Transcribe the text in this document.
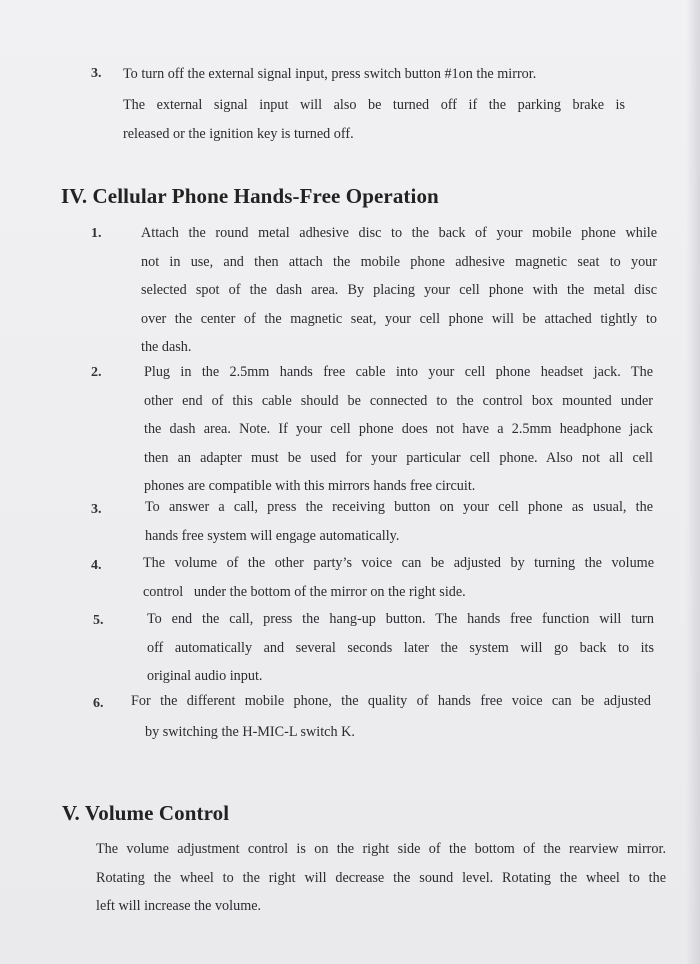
3. To turn off the external signal input, press switch button #1on the mirror.
The external signal input will also be turned off if the parking brake is
released or the ignition key is turned off.
IV. Cellular Phone Hands-Free Operation
1.	Attach the round metal adhesive disc to the back of your mobile phone while
not in use, and then attach the mobile phone adhesive magnetic seat to your
selected spot of the dash area. By placing your cell phone with the metal disc
over the center of the magnetic seat, your cell phone will be attached tightly to
the dash.
2.	Plug in the 2.5mm hands free cable into your cell phone headset jack. The
other end of this cable should be connected to the control box mounted under
the dash area. Note. If your cell phone does not have a 2.5mm headphone jack
then an adapter must be used for your particular cell phone. Also not all cell
phones are compatible with this mirrors hands free circuit.
3.	To answer a call, press the receiving button on your cell phone as usual, the
hands free system will engage automatically.
4.	The volume of the other party’s voice can be adjusted by turning the volume
control   under the bottom of the mirror on the right side.
5.	To end the call, press the hang-up button. The hands free function will turn
off automatically and several seconds later the system will go back to its
original audio input.
6. For the different mobile phone, the quality of hands free voice can be adjusted
by switching the H-MIC-L switch K.
V. Volume Control
The volume adjustment control is on the right side of the bottom of the rearview mirror.
Rotating the wheel to the right will decrease the sound level. Rotating the wheel to the
left will increase the volume.
